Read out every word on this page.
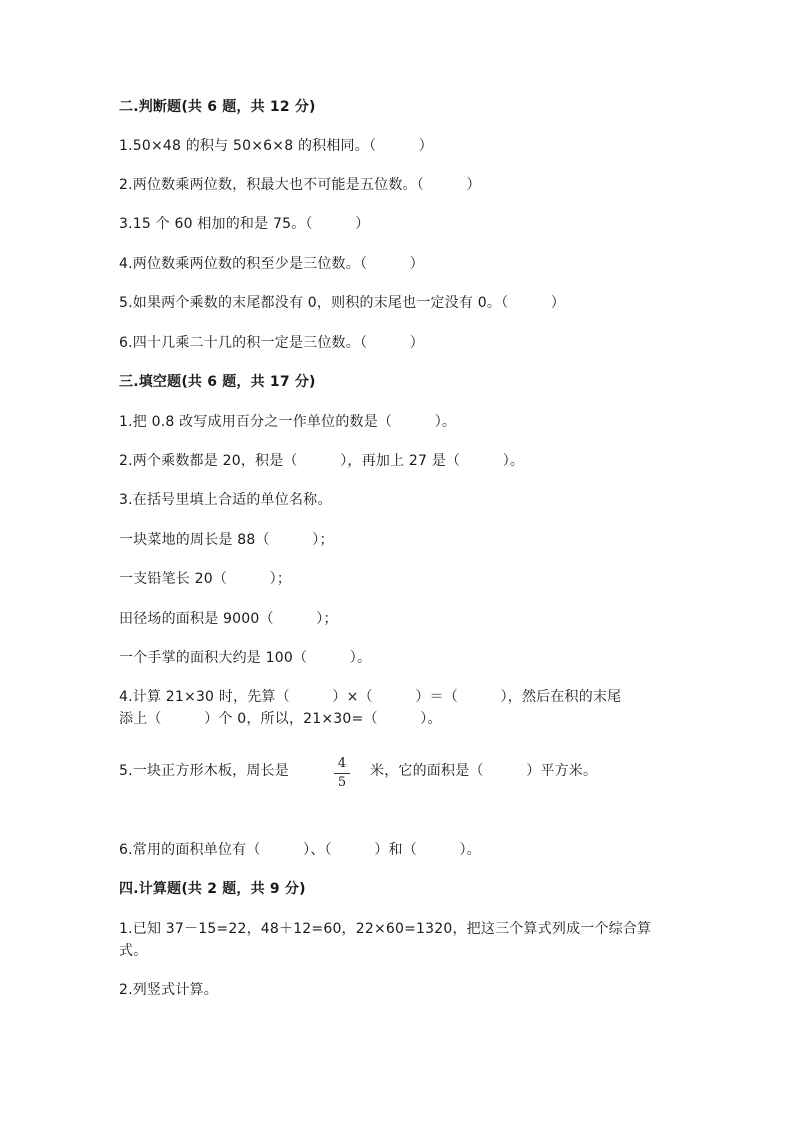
二.判断题(共 6 题，共 12 分)
1.50×48 的积与 50×6×8 的积相同。（　　　）
2.两位数乘两位数，积最大也不可能是五位数。（　　　）
3.15 个 60 相加的和是 75。（　　　）
4.两位数乘两位数的积至少是三位数。（　　　）
5.如果两个乘数的末尾都没有 0，则积的末尾也一定没有 0。（　　　）
6.四十几乘二十几的积一定是三位数。（　　　）
三.填空题(共 6 题，共 17 分)
1.把 0.8 改写成用百分之一作单位的数是（　　　）。
2.两个乘数都是 20，积是（　　　），再加上 27 是（　　　）。
3.在括号里填上合适的单位名称。
一块菜地的周长是 88（　　　）；
一支铅笔长 20（　　　）；
田径场的面积是 9000（　　　）；
一个手掌的面积大约是 100（　　　）。
4.计算 21×30 时，先算（　　　）×（　　　）＝（　　　），然后在积的末尾
添上（　　　）个 0，所以，21×30=（　　　）。
5.一块正方形木板，周长是	4
5
米，它的面积是（　　　）平方米。
6.常用的面积单位有（　　　）、（　　　）和（　　　）。
四.计算题(共 2 题，共 9 分)
1.已知 37－15=22，48＋12=60，22×60=1320，把这三个算式列成一个综合算
式。
2.列竖式计算。
